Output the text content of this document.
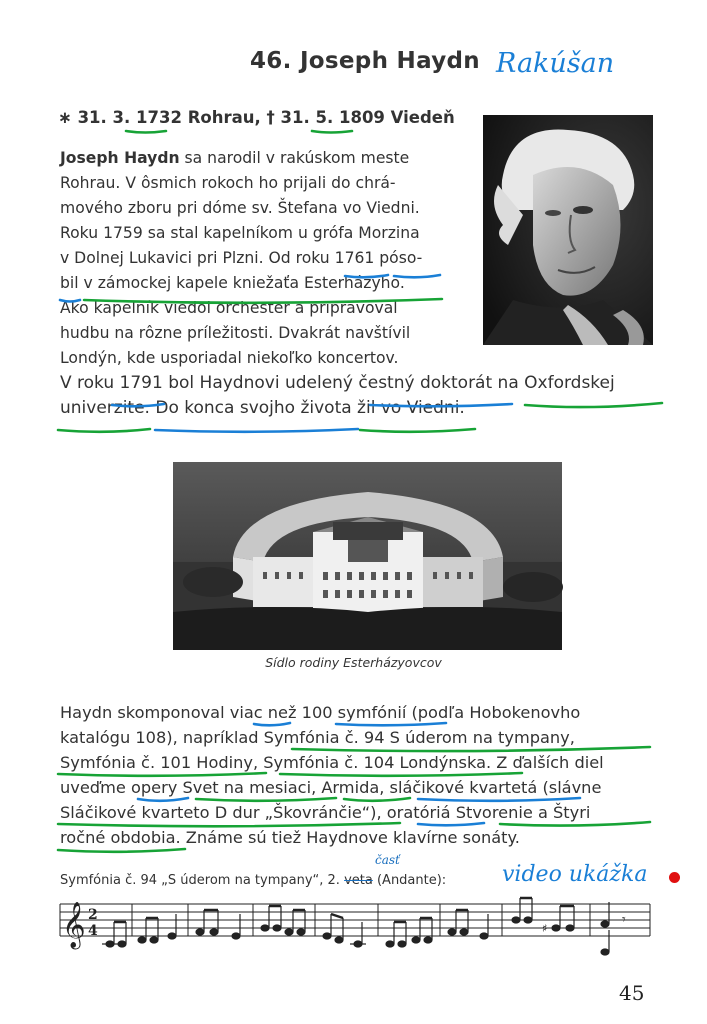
46. Joseph Haydn Rakúšan
∗ 31. 3. 1732 Rohrau, † 31. 5. 1809 Viedeň
Joseph Haydn sa narodil v rakúskom meste
Rohrau. V ôsmich rokoch ho prijali do chrá-
mového zboru pri dóme sv. Štefana vo Viedni.
Roku 1759 sa stal kapelníkom u grófa Morzina
v Dolnej Lukavici pri Plzni. Od roku 1761 póso-
bil v zámockej kapele kniežaťa Esterházyho.
Ako kapelník viedol orchester a pripravoval
hudbu na rôzne príležitosti. Dvakrát navštívil
Londýn, kde usporiadal niekoľko koncertov.
V roku 1791 bol Haydnovi udelený čestný doktorát na Oxfordskej
univerzite. Do konca svojho života žil vo Viedni.
Sídlo rodiny Esterházyovcov
Haydn skomponoval viac než 100 symfónií (podľa Hobokenovho
katalógu 108), napríklad Symfónia č. 94 S úderom na tympany,
Symfónia č. 101 Hodiny, Symfónia č. 104 Londýnska. Z ďalších diel
uveďme opery Svet na mesiaci, Armida, sláčikové kvartetá (slávne
Sláčikové kvarteto D dur „Škovránčie“), oratóriá Stvorenie a Štyri
ročné obdobia. Známe sú tiež Haydnove klavírne sonáty.
Symfónia č. 94 „S úderom na tympany“, 2. veta (Andante):
časť
video ukážka
𝄞 2
4	♯
𝄾
45
